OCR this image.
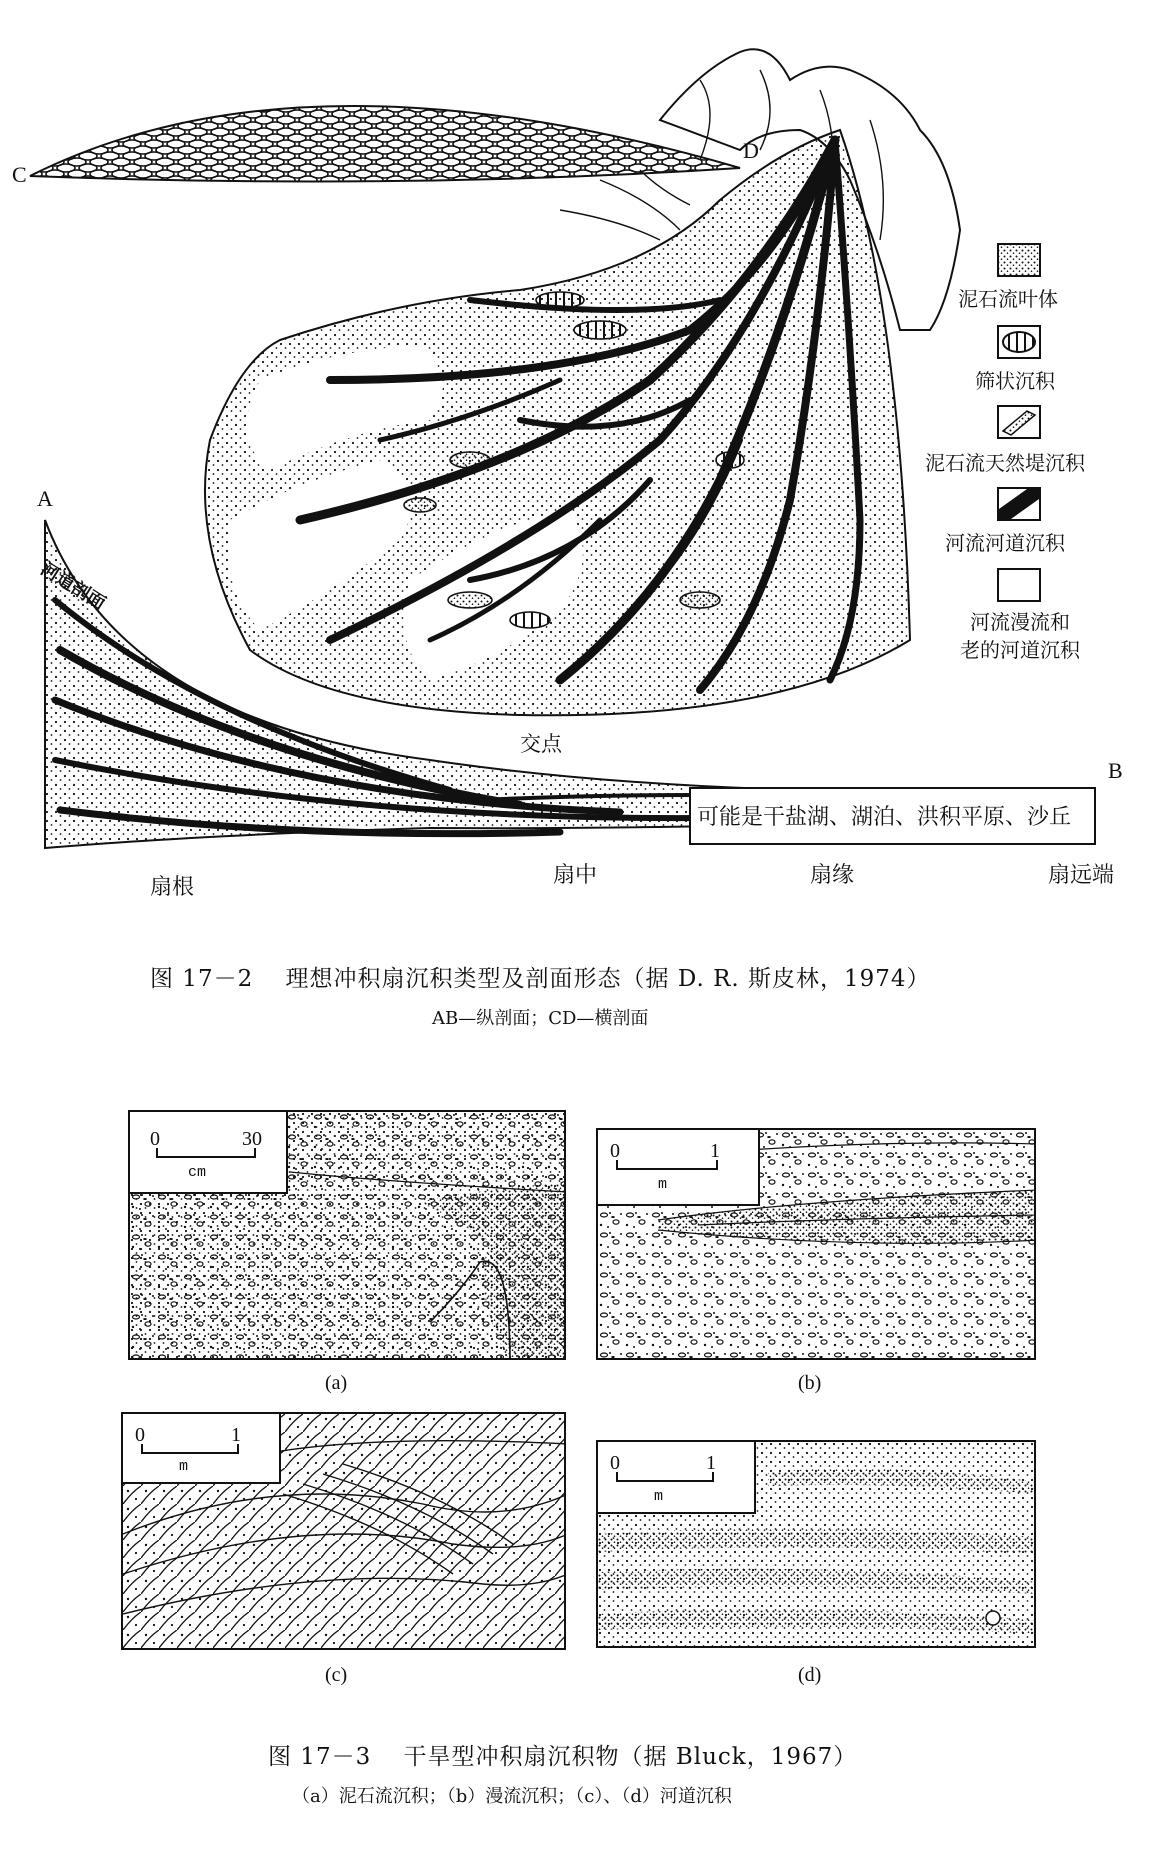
C
D
A
B
河道剖面
交点
可能是干盐湖、湖泊、洪积平原、沙丘
扇根	扇中	扇缘	扇远端
泥石流叶体
筛状沉积
泥石流天然堤沉积
河流河道沉积
河流漫流和
老的河道沉积
图 17－2　 理想冲积扇沉积类型及剖面形态（据 D. R. 斯皮林，1974）
AB—纵剖面；CD—横剖面
0	30
cm
(a)
0	1
m
(b)
0	1
m
(c)
0	1
m
(d)
图 17－3　 干旱型冲积扇沉积物（据 Bluck，1967）
（a）泥石流沉积；（b）漫流沉积；（c）、（d）河道沉积
